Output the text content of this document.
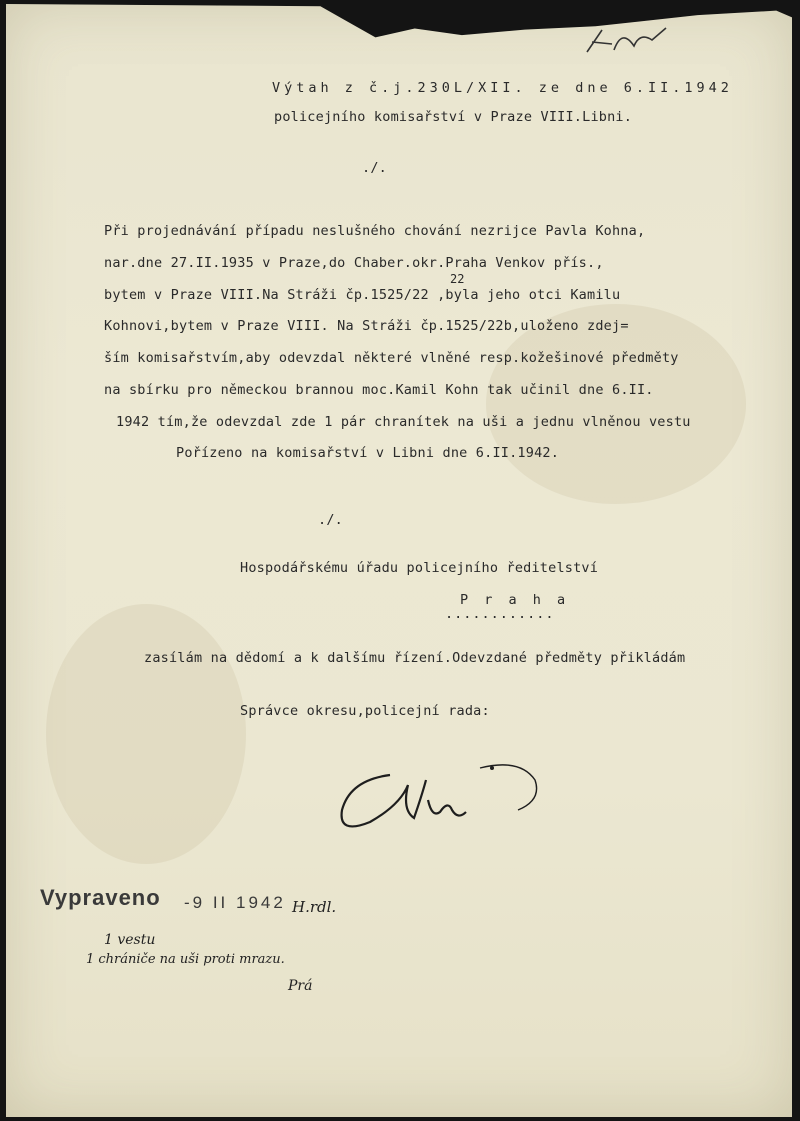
Výtah z č.j.230L/XII. ze dne 6.II.1942
policejního komisařství v Praze VIII.Libni.
./.
Při projednávání případu neslušného chování nezrijce Pavla Kohna,
nar.dne 27.II.1935 v Praze,do Chaber.okr.Praha Venkov přís.,
22
bytem v Praze VIII.Na Stráži čp.1525/22 ,byla jeho otci Kamilu
Kohnovi,bytem v Praze VIII. Na Stráži čp.1525/22b,uloženo zdej=
ším komisařstvím,aby odevzdal některé vlněné resp.kožešinové předměty
na sbírku pro německou brannou moc.Kamil Kohn tak učinil dne 6.II.
1942 tím,že odevzdal zde 1 pár chranítek na uši a jednu vlněnou vestu
Pořízeno na komisařství v Libni dne 6.II.1942.
./.
Hospodářskému úřadu policejního ředitelství
P r a h a
............
zasílám na dědomí a k dalšímu řízení.Odevzdané předměty přikládám
Správce okresu,policejní rada:
Vypraveno -9 II 1942 H.rdl.
1 vestu
1 chrániče na uši proti mrazu.
Prá
